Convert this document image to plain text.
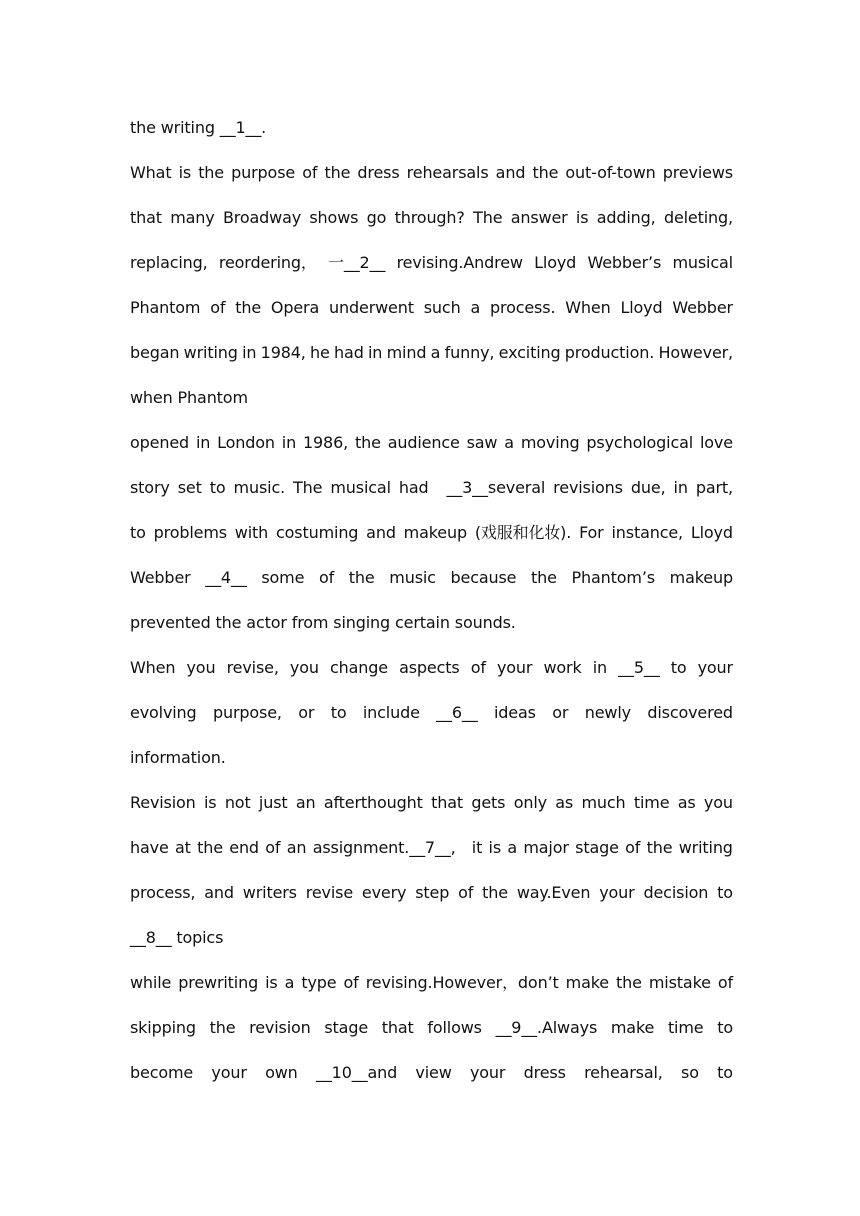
the writing __1__.
What is the purpose of the dress rehearsals and the out-of-town previews
that many Broadway shows go through? The answer is adding, deleting,
replacing, reordering， 一__2__ revising.Andrew Lloyd Webber’s musical
Phantom of the Opera underwent such a process. When Lloyd Webber
began writing in 1984, he had in mind a funny, exciting production. However,
when Phantom
opened in London in 1986, the audience saw a moving psychological love
story set to music. The musical had __3__several revisions due, in part,
to problems with costuming and makeup (戏服和化妆). For instance, Lloyd
Webber __4__ some of the music because the Phantom’s makeup
prevented the actor from singing certain sounds.
When you revise, you change aspects of your work in __5__ to your
evolving purpose, or to include __6__ ideas or newly discovered
information.
Revision is not just an afterthought that gets only as much time as you
have at the end of an assignment.__7__, it is a major stage of the writing
process, and writers revise every step of the way.Even your decision to
__8__ topics
while prewriting is a type of revising.However，don’t make the mistake of
skipping the revision stage that follows __9__.Always make time to
become your own __10__and view your dress rehearsal, so to
